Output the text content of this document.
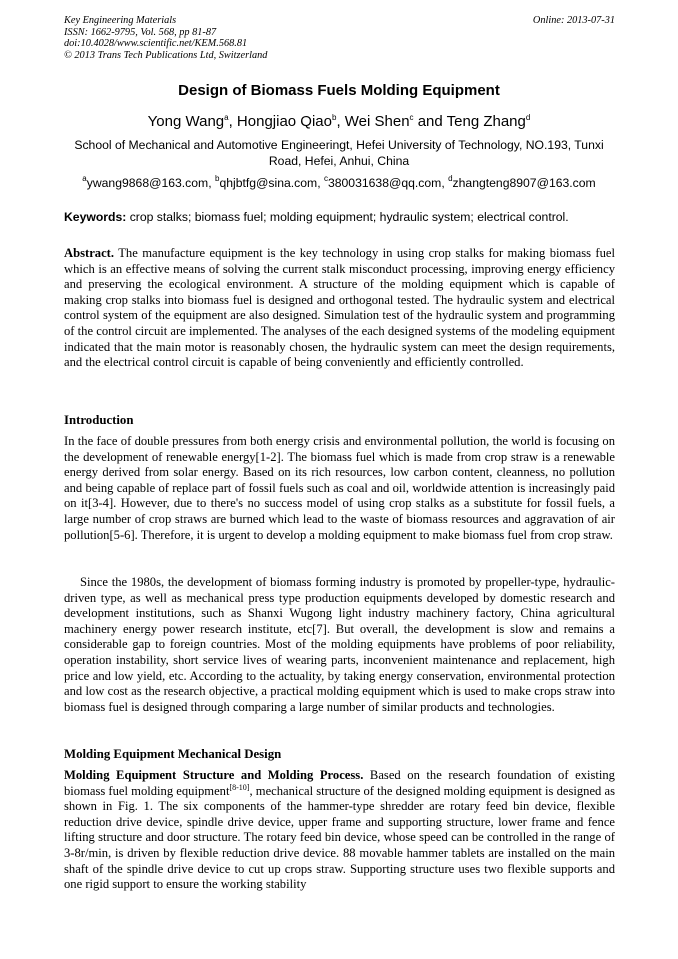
Key Engineering Materials
ISSN: 1662-9795, Vol. 568, pp 81-87
doi:10.4028/www.scientific.net/KEM.568.81
© 2013 Trans Tech Publications Ltd, Switzerland
Online: 2013-07-31
Design of Biomass Fuels Molding Equipment
Yong Wang$^a$, Hongjiao Qiao$^b$, Wei Shen$^c$ and Teng Zhang$^d$
School of Mechanical and Automotive Engineeringt, Hefei University of Technology, NO.193, Tunxi Road, Hefei, Anhui, China
$^a$ywang9868@163.com, $^b$qhjbtfg@sina.com, $^c$380031638@qq.com, $^d$zhangteng8907@163.com
Keywords: crop stalks; biomass fuel; molding equipment; hydraulic system; electrical control.
Abstract. The manufacture equipment is the key technology in using crop stalks for making biomass fuel which is an effective means of solving the current stalk misconduct processing, improving energy efficiency and preserving the ecological environment. A structure of the molding equipment which is capable of making crop stalks into biomass fuel is designed and orthogonal tested. The hydraulic system and electrical control system of the equipment are also designed. Simulation test of the hydraulic system and programming of the control circuit are implemented. The analyses of the each designed systems of the modeling equipment indicated that the main motor is reasonably chosen, the hydraulic system can meet the design requirements, and the electrical control circuit is capable of being conveniently and efficiently controlled.
Introduction
In the face of double pressures from both energy crisis and environmental pollution, the world is focusing on the development of renewable energy[1-2]. The biomass fuel which is made from crop straw is a renewable energy derived from solar energy. Based on its rich resources, low carbon content, cleanness, no pollution and being capable of replace part of fossil fuels such as coal and oil, worldwide attention is increasingly paid on it[3-4]. However, due to there's no success model of using crop stalks as a substitute for fossil fuels, a large number of crop straws are burned which lead to the waste of biomass resources and aggravation of air pollution[5-6]. Therefore, it is urgent to develop a molding equipment to make biomass fuel from crop straw.
Since the 1980s, the development of biomass forming industry is promoted by propeller-type, hydraulic-driven type, as well as mechanical press type production equipments developed by domestic research and development institutions, such as Shanxi Wugong light industry machinery factory, China agricultural machinery energy power research institute, etc[7]. But overall, the development is slow and remains a considerable gap to foreign countries. Most of the molding equipments have problems of poor reliability, operation instability, short service lives of wearing parts, inconvenient maintenance and replacement, high price and low yield, etc. According to the actuality, by taking energy conservation, environmental protection and low cost as the research objective, a practical molding equipment which is used to make crops straw into biomass fuel is designed through comparing a large number of similar products and technologies.
Molding Equipment Mechanical Design
Molding Equipment Structure and Molding Process. Based on the research foundation of existing biomass fuel molding equipment[8-10], mechanical structure of the designed molding equipment is designed as shown in Fig. 1. The six components of the hammer-type shredder are rotary feed bin device, flexible reduction drive device, spindle drive device, upper frame and supporting structure, lower frame and fence lifting structure and door structure. The rotary feed bin device, whose speed can be controlled in the range of 3-8r/min, is driven by flexible reduction drive device. 88 movable hammer tablets are installed on the main shaft of the spindle drive device to cut up crops straw. Supporting structure uses two flexible supports and one rigid support to ensure the working stability
